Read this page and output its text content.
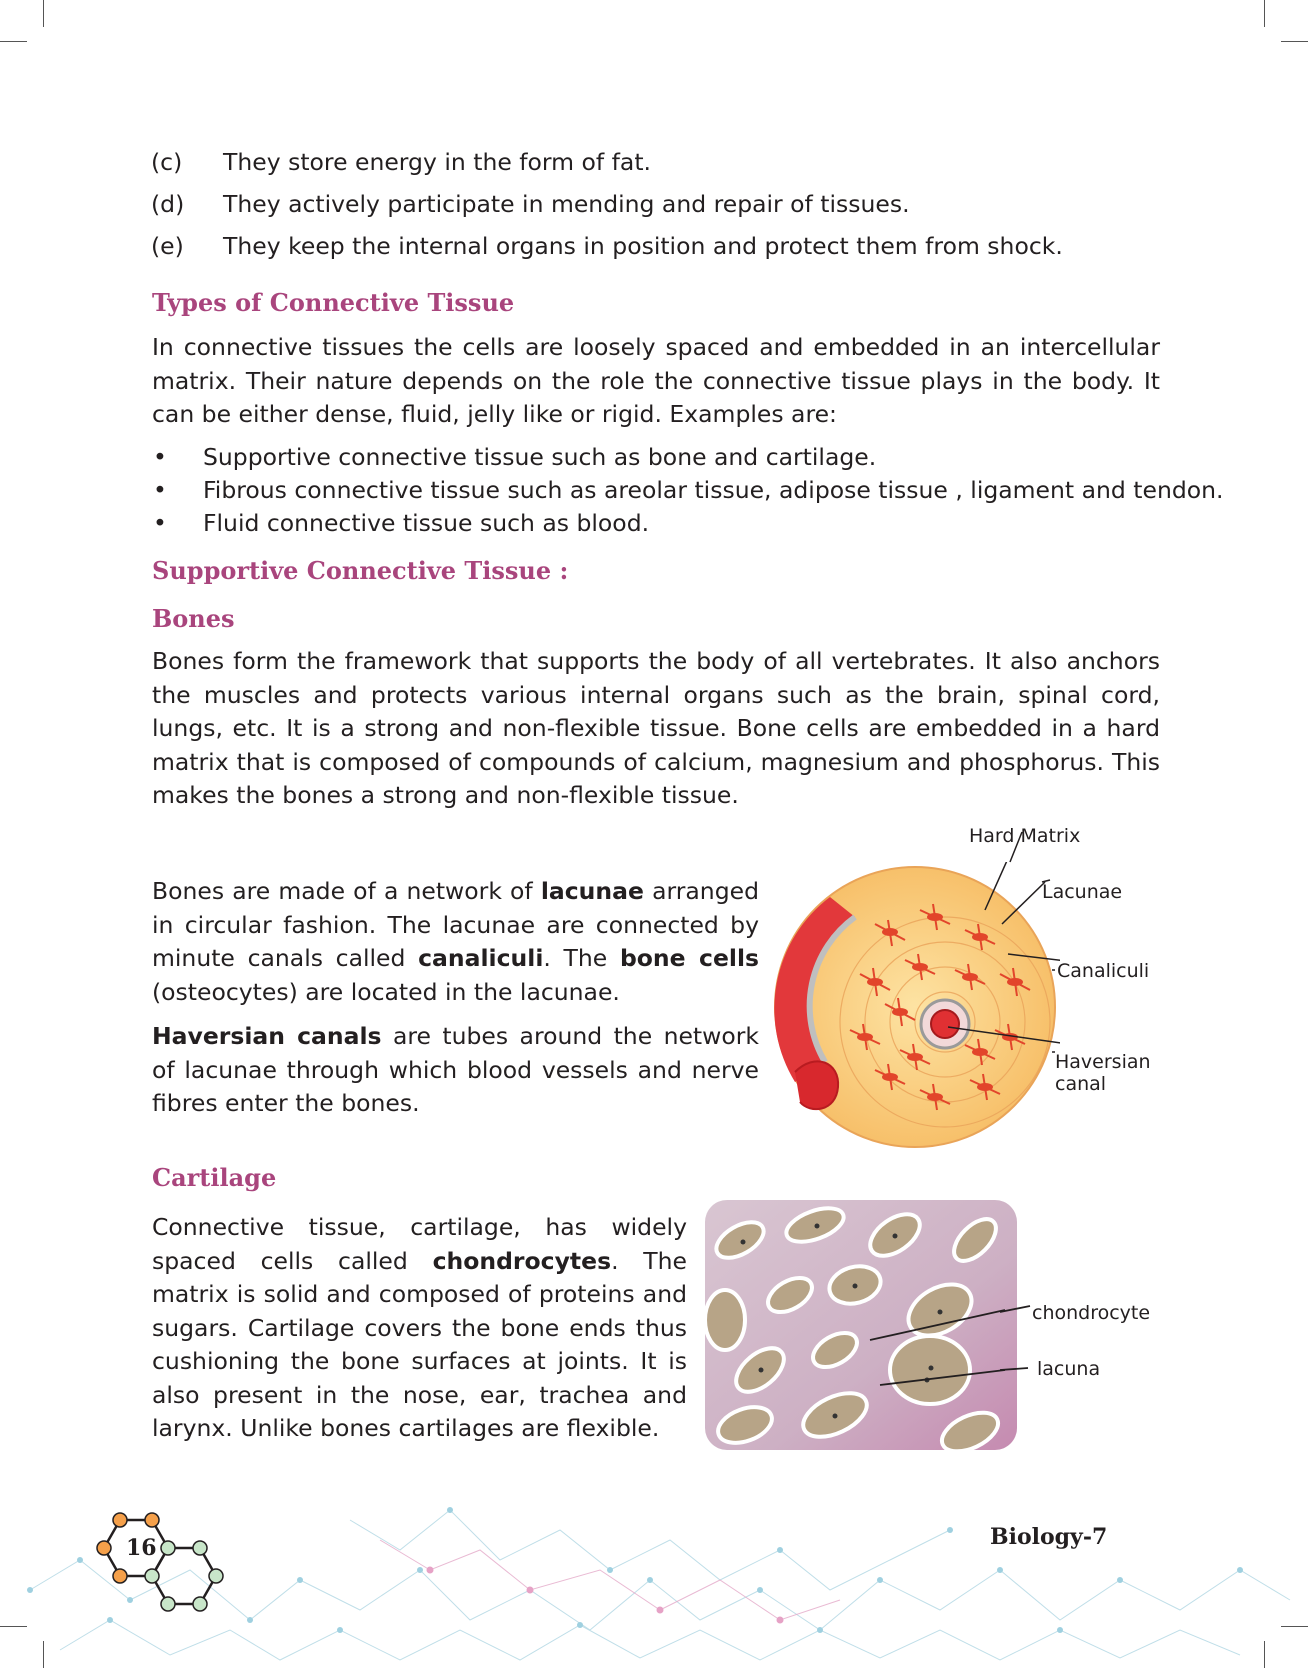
(c) They store energy in the form of fat.
(d) They actively participate in mending and repair of tissues.
(e) They keep the internal organs in position and protect them from shock.
Types of Connective Tissue
In connective tissues the cells are loosely spaced and embedded in an intercellular matrix. Their nature depends on the role the connective tissue plays in the body. It can be either dense, fluid, jelly like or rigid. Examples are:
• Supportive connective tissue such as bone and cartilage.
• Fibrous connective tissue such as areolar tissue, adipose tissue , ligament and tendon.
• Fluid connective tissue such as blood.
Supportive Connective Tissue :
Bones
Bones form the framework that supports the body of all vertebrates. It also anchors the muscles and protects various internal organs such as the brain, spinal cord, lungs, etc. It is a strong and non-flexible tissue. Bone cells are embedded in a hard matrix that is composed of compounds of calcium, magnesium and phosphorus. This makes the bones a strong and non-flexible tissue.
Bones are made of a network of lacunae arranged in circular fashion. The lacunae are connected by minute canals called canaliculi. The bone cells (osteocytes) are located in the lacunae.
Haversian canals are tubes around the network of lacunae through which blood vessels and nerve fibres enter the bones.
Hard Matrix
Lacunae
Canaliculi
Haversian
canal
Cartilage
Connective tissue, cartilage, has widely spaced cells called chondrocytes. The matrix is solid and composed of proteins and sugars. Cartilage covers the bone ends thus cushioning the bone surfaces at joints. It is also present in the nose, ear, trachea and larynx. Unlike bones cartilages are flexible.
chondrocyte
lacuna
16	Biology-7
